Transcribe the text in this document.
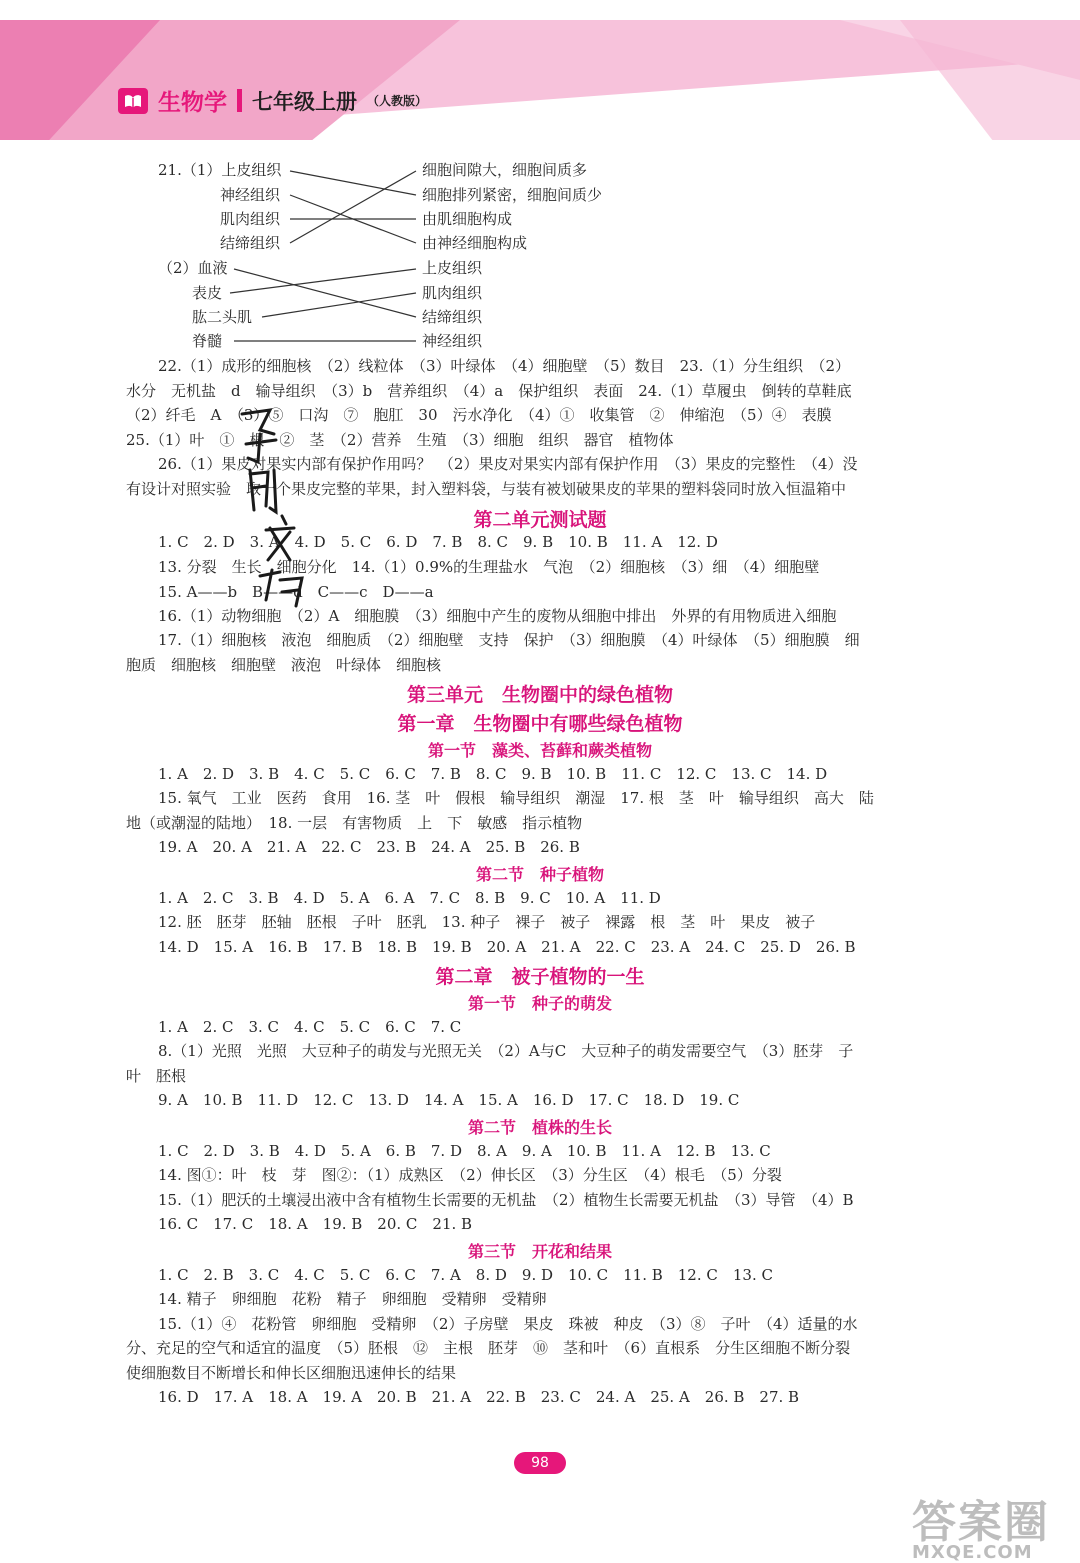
生物学 七年级上册 （人教版）
21.（1）上皮组织
神经组织
肌肉组织
结缔组织
细胞间隙大，细胞间质多
细胞排列紧密，细胞间质少
由肌细胞构成
由神经细胞构成
（2）血液
表皮
肱二头肌
脊髓
上皮组织
肌肉组织
结缔组织
神经组织
22.（1）成形的细胞核　（2）线粒体　（3）叶绿体　（4）细胞壁　（5）数目　23.（1）分生组织　（2）
水分　无机盐　d　输导组织　（3）b　营养组织　（4）a　保护组织　表面　24.（1）草履虫　倒转的草鞋底
（2）纤毛　A　（3）⑤　口沟　⑦　胞肛　30　污水净化　（4）①　收集管　②　伸缩泡　（5）④　表膜
25.（1）叶　①　根　②　茎　（2）营养　生殖　（3）细胞　组织　器官　植物体
26.（1）果皮对果实内部有保护作用吗？　（2）果皮对果实内部有保护作用　（3）果皮的完整性　（4）没
有设计对照实验　取一个果皮完整的苹果，封入塑料袋，与装有被划破果皮的苹果的塑料袋同时放入恒温箱中
第二单元测试题
1. C　2. D　3. A　4. D　5. C　6. D　7. B　8. C　9. B　10. B　11. A　12. D
13. 分裂　生长　细胞分化　14.（1）0.9%的生理盐水　气泡　（2）细胞核　（3）细　（4）细胞壁
15. A——b　B——d　C——c　D——a
16.（1）动物细胞　（2）A　细胞膜　（3）细胞中产生的废物从细胞中排出　外界的有用物质进入细胞
17.（1）细胞核　液泡　细胞质　（2）细胞壁　支持　保护　（3）细胞膜　（4）叶绿体　（5）细胞膜　细
胞质　细胞核　细胞壁　液泡　叶绿体　细胞核
第三单元　生物圈中的绿色植物
第一章　生物圈中有哪些绿色植物
第一节　藻类、苔藓和蕨类植物
1. A　2. D　3. B　4. C　5. C　6. C　7. B　8. C　9. B　10. B　11. C　12. C　13. C　14. D
15. 氧气　工业　医药　食用　16. 茎　叶　假根　输导组织　潮湿　17. 根　茎　叶　输导组织　高大　陆
地（或潮湿的陆地）　18. 一层　有害物质　上　下　敏感　指示植物
19. A　20. A　21. A　22. C　23. B　24. A　25. B　26. B
第二节　种子植物
1. A　2. C　3. B　4. D　5. A　6. A　7. C　8. B　9. C　10. A　11. D
12. 胚　胚芽　胚轴　胚根　子叶　胚乳　13. 种子　裸子　被子　裸露　根　茎　叶　果皮　被子
14. D　15. A　16. B　17. B　18. B　19. B　20. A　21. A　22. C　23. A　24. C　25. D　26. B
第二章　被子植物的一生
第一节　种子的萌发
1. A　2. C　3. C　4. C　5. C　6. C　7. C
8.（1）光照　光照　大豆种子的萌发与光照无关　（2）A与C　大豆种子的萌发需要空气　（3）胚芽　子
叶　胚根
9. A　10. B　11. D　12. C　13. D　14. A　15. A　16. D　17. C　18. D　19. C
第二节　植株的生长
1. C　2. D　3. B　4. D　5. A　6. B　7. D　8. A　9. A　10. B　11. A　12. B　13. C
14. 图①：叶　枝　芽　图②：（1）成熟区　（2）伸长区　（3）分生区　（4）根毛　（5）分裂
15.（1）肥沃的土壤浸出液中含有植物生长需要的无机盐　（2）植物生长需要无机盐　（3）导管　（4）B
16. C　17. C　18. A　19. B　20. C　21. B
第三节　开花和结果
1. C　2. B　3. C　4. C　5. C　6. C　7. A　8. D　9. D　10. C　11. B　12. C　13. C
14. 精子　卵细胞　花粉　精子　卵细胞　受精卵　受精卵
15.（1）④　花粉管　卵细胞　受精卵　（2）子房壁　果皮　珠被　种皮　（3）⑧　子叶　（4）适量的水
分、充足的空气和适宜的温度　（5）胚根　⑫　主根　胚芽　⑩　茎和叶　（6）直根系　分生区细胞不断分裂
使细胞数目不断增长和伸长区细胞迅速伸长的结果
16. D　17. A　18. A　19. A　20. B　21. A　22. B　23. C　24. A　25. A　26. B　27. B
98
答案圈
MXQE.COM
